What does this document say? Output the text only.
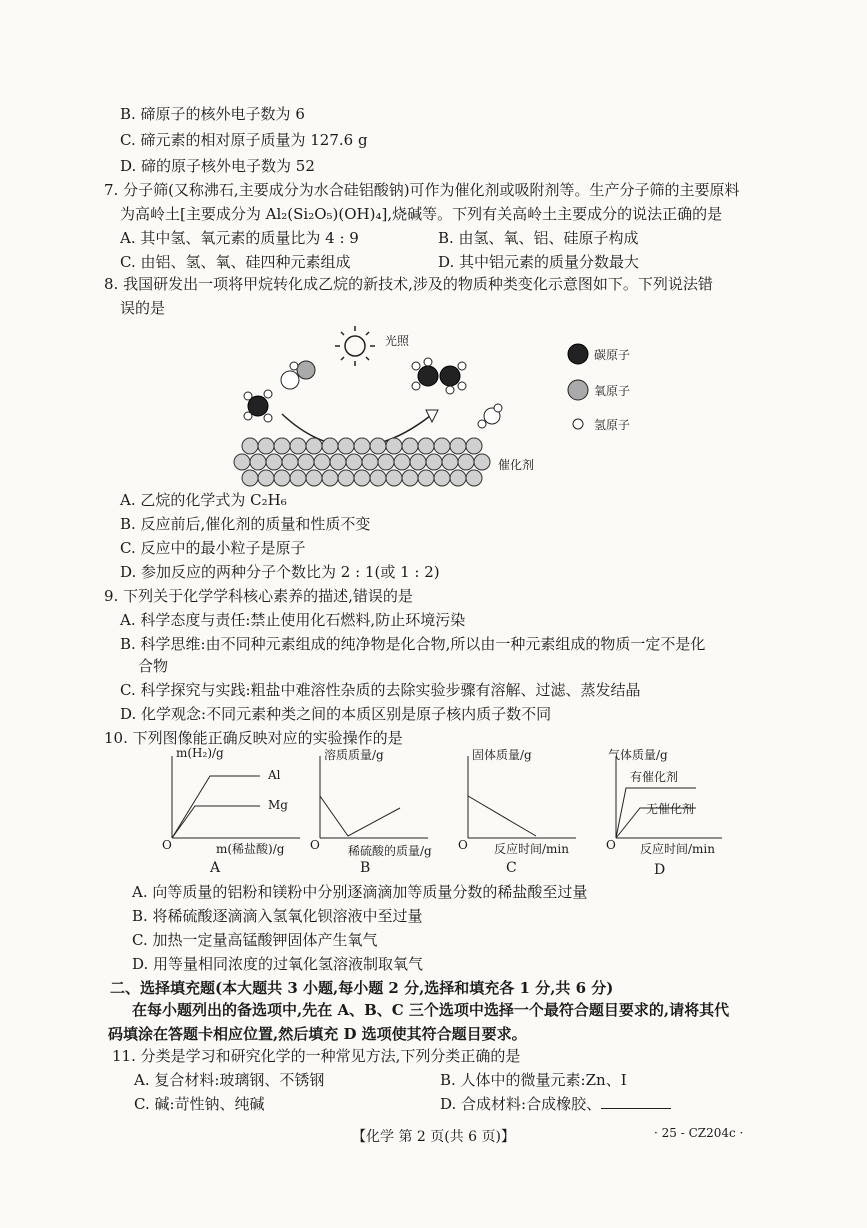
B. 碲原子的核外电子数为 6
C. 碲元素的相对原子质量为 127.6 g
D. 碲的原子核外电子数为 52
7. 分子筛(又称沸石,主要成分为水合硅铝酸钠)可作为催化剂或吸附剂等。生产分子筛的主要原料
为高岭土[主要成分为 Al₂(Si₂O₅)(OH)₄],烧碱等。下列有关高岭土主要成分的说法正确的是
A. 其中氢、氧元素的质量比为 4 : 9	B. 由氢、氧、铝、硅原子构成
C. 由铝、氢、氧、硅四种元素组成	D. 其中铝元素的质量分数最大
8. 我国研发出一项将甲烷转化成乙烷的新技术,涉及的物质种类变化示意图如下。下列说法错
误的是
光照
催化剂
碳原子
氧原子
氢原子
A. 乙烷的化学式为 C₂H₆
B. 反应前后,催化剂的质量和性质不变
C. 反应中的最小粒子是原子
D. 参加反应的两种分子个数比为 2 : 1(或 1 : 2)
9. 下列关于化学学科核心素养的描述,错误的是
A. 科学态度与责任:禁止使用化石燃料,防止环境污染
B. 科学思维:由不同种元素组成的纯净物是化合物,所以由一种元素组成的物质一定不是化
合物
C. 科学探究与实践:粗盐中难溶性杂质的去除实验步骤有溶解、过滤、蒸发结晶
D. 化学观念:不同元素种类之间的本质区别是原子核内质子数不同
10. 下列图像能正确反映对应的实验操作的是
m(H₂)/g
Al
Mg
O	m(稀盐酸)/g
A
溶质质量/g
O 稀硫酸的质量/g
B
固体质量/g
O 反应时间/min
C
气体质量/g
有催化剂
无催化剂
O 反应时间/min
D
A. 向等质量的铝粉和镁粉中分别逐滴滴加等质量分数的稀盐酸至过量
B. 将稀硫酸逐滴滴入氢氧化钡溶液中至过量
C. 加热一定量高锰酸钾固体产生氧气
D. 用等量相同浓度的过氧化氢溶液制取氧气
二、选择填充题(本大题共 3 小题,每小题 2 分,选择和填充各 1 分,共 6 分)
在每小题列出的备选项中,先在 A、B、C 三个选项中选择一个最符合题目要求的,请将其代
码填涂在答题卡相应位置,然后填充 D 选项使其符合题目要求。
11. 分类是学习和研究化学的一种常见方法,下列分类正确的是
A. 复合材料:玻璃钢、不锈钢	B. 人体中的微量元素:Zn、I
C. 碱:苛性钠、纯碱	D. 合成材料:合成橡胶、
【化学 第 2 页(共 6 页)】	· 25 - CZ204c ·
